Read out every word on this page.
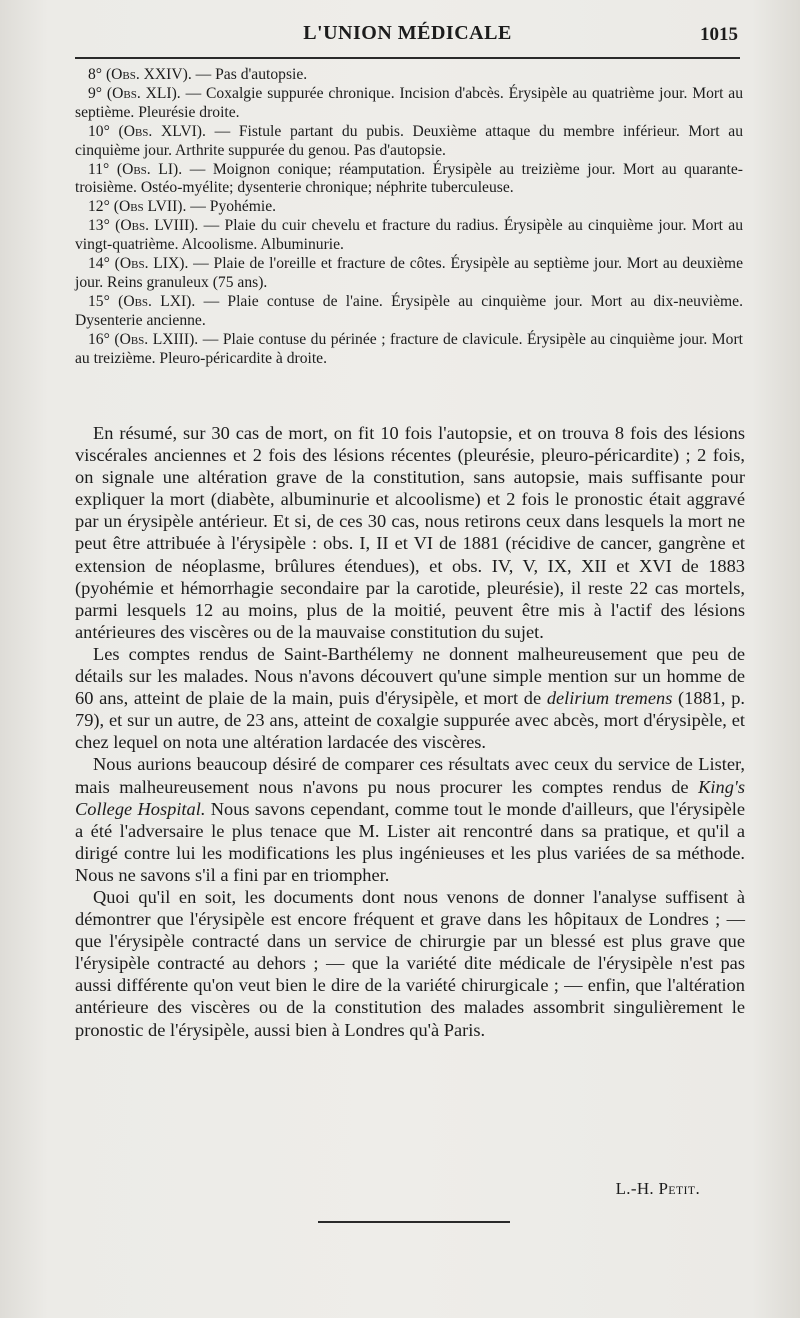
L'UNION MÉDICALE	1015

8° (Obs. XXIV). — Pas d'autopsie.

9° (Obs. XLI). — Coxalgie suppurée chronique. Incision d'abcès. Érysipèle au quatrième jour. Mort au septième. Pleurésie droite.

10° (Obs. XLVI). — Fistule partant du pubis. Deuxième attaque du membre inférieur. Mort au cinquième jour. Arthrite suppurée du genou. Pas d'autopsie.

11° (Obs. LI). — Moignon conique; réamputation. Érysipèle au treizième jour. Mort au quarante-troisième. Ostéo-myélite; dysenterie chronique; néphrite tuberculeuse.

12° (Obs LVII). — Pyohémie.

13° (Obs. LVIII). — Plaie du cuir chevelu et fracture du radius. Érysipèle au cinquième jour. Mort au vingt-quatrième. Alcoolisme. Albuminurie.

14° (Obs. LIX). — Plaie de l'oreille et fracture de côtes. Érysipèle au septième jour. Mort au deuxième jour. Reins granuleux (75 ans).

15° (Obs. LXI). — Plaie contuse de l'aine. Érysipèle au cinquième jour. Mort au dix-neuvième. Dysenterie ancienne.

16° (Obs. LXIII). — Plaie contuse du périnée ; fracture de clavicule. Érysipèle au cinquième jour. Mort au treizième. Pleuro-péricardite à droite.

En résumé, sur 30 cas de mort, on fit 10 fois l'autopsie, et on trouva 8 fois des lésions viscérales anciennes et 2 fois des lésions récentes (pleurésie, pleuro-péricardite) ; 2 fois, on signale une altération grave de la constitution, sans autopsie, mais suffisante pour expliquer la mort (diabète, albuminurie et alcoolisme) et 2 fois le pronostic était aggravé par un érysipèle antérieur. Et si, de ces 30 cas, nous retirons ceux dans lesquels la mort ne peut être attribuée à l'érysipèle : obs. I, II et VI de 1881 (récidive de cancer, gangrène et extension de néoplasme, brûlures étendues), et obs. IV, V, IX, XII et XVI de 1883 (pyohémie et hémorrhagie secondaire par la carotide, pleurésie), il reste 22 cas mortels, parmi lesquels 12 au moins, plus de la moitié, peuvent être mis à l'actif des lésions antérieures des viscères ou de la mauvaise constitution du sujet.

Les comptes rendus de Saint-Barthélemy ne donnent malheureusement que peu de détails sur les malades. Nous n'avons découvert qu'une simple mention sur un homme de 60 ans, atteint de plaie de la main, puis d'érysipèle, et mort de delirium tremens (1881, p. 79), et sur un autre, de 23 ans, atteint de coxalgie suppurée avec abcès, mort d'érysipèle, et chez lequel on nota une altération lardacée des viscères.

Nous aurions beaucoup désiré de comparer ces résultats avec ceux du service de Lister, mais malheureusement nous n'avons pu nous procurer les comptes rendus de King's College Hospital. Nous savons cependant, comme tout le monde d'ailleurs, que l'érysipèle a été l'adversaire le plus tenace que M. Lister ait rencontré dans sa pratique, et qu'il a dirigé contre lui les modifications les plus ingénieuses et les plus variées de sa méthode. Nous ne savons s'il a fini par en triompher.

Quoi qu'il en soit, les documents dont nous venons de donner l'analyse suffisent à démontrer que l'érysipèle est encore fréquent et grave dans les hôpitaux de Londres ; — que l'érysipèle contracté dans un service de chirurgie par un blessé est plus grave que l'érysipèle contracté au dehors ; — que la variété dite médicale de l'érysipèle n'est pas aussi différente qu'on veut bien le dire de la variété chirurgicale ; — enfin, que l'altération antérieure des viscères ou de la constitution des malades assombrit singulièrement le pronostic de l'érysipèle, aussi bien à Londres qu'à Paris.

L.-H. Petit.
